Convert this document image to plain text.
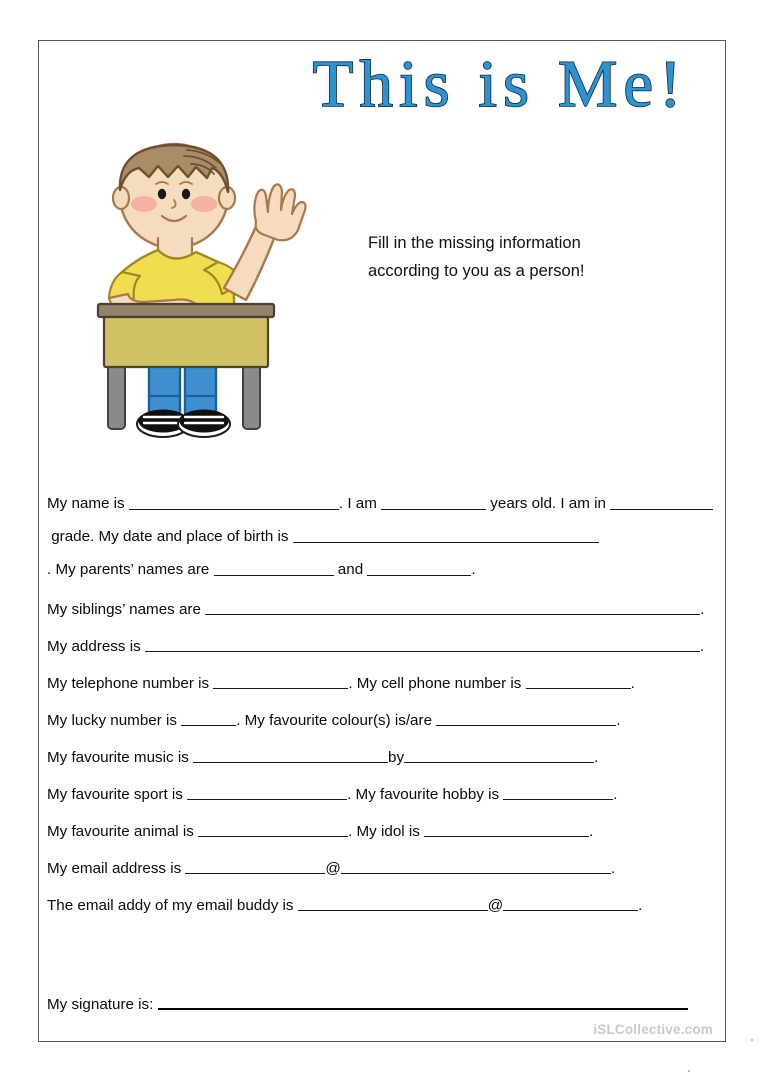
This is Me!
Fill in the missing information
according to you as a person!
My name is	. I am	years old. I am in  grade. My date and place of birth is . My parents’ names are	and	.
My siblings’ names are	.
My address is	.
My telephone number is	. My cell phone number is	.
My lucky number is	. My favourite colour(s) is/are	.
My favourite music is	by	.
My favourite sport is	. My favourite hobby is	.
My favourite animal is	. My idol is	.
My email address is	@	.
The email addy of my email buddy is	@	.
My signature is:
iSLCollective.com
